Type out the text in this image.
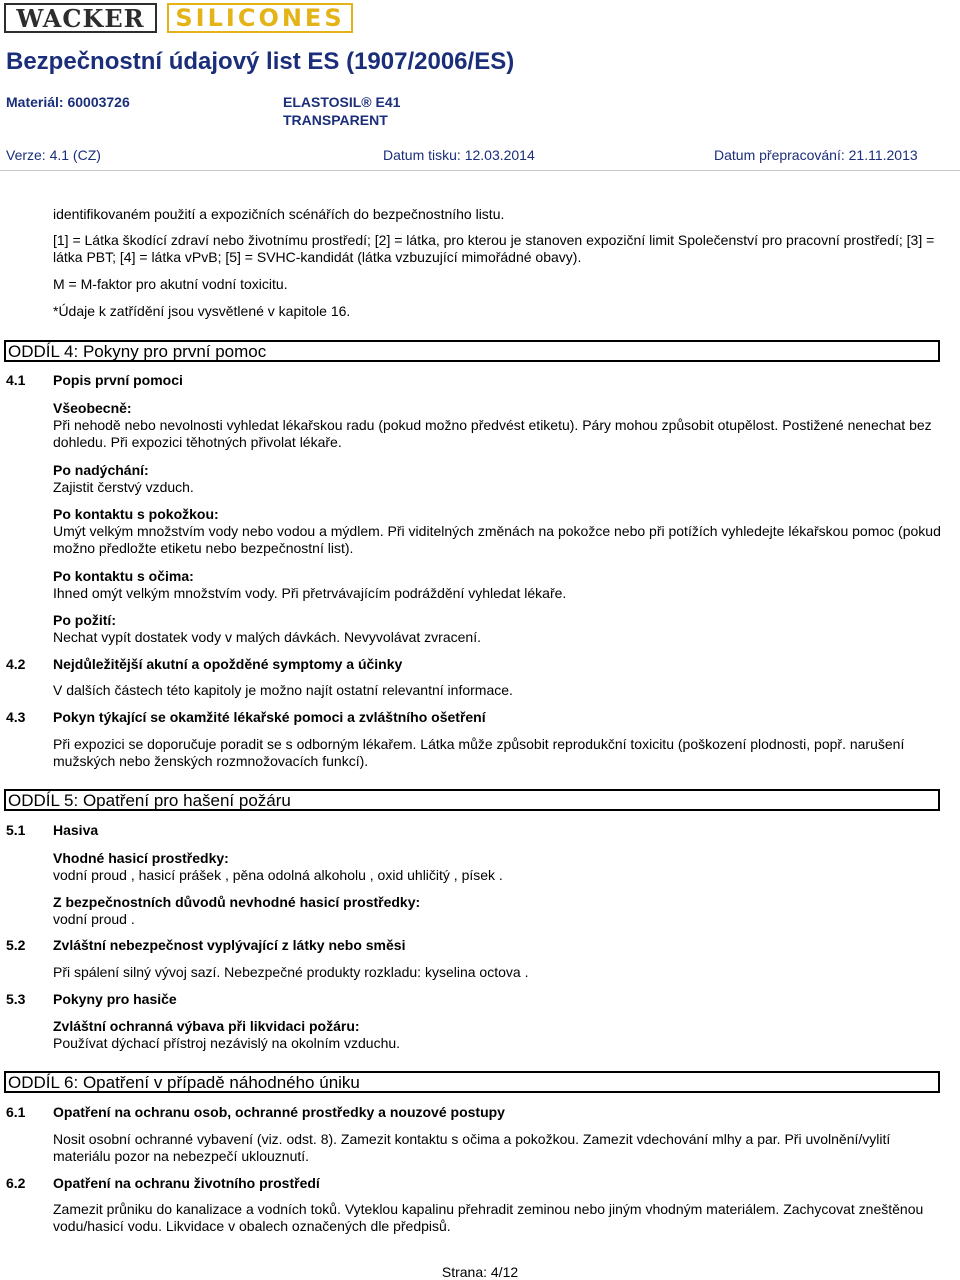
WACKER	SILICONES
Bezpečnostní údajový list ES (1907/2006/ES)
Materiál: 60003726	ELASTOSIL® E41
TRANSPARENT
Verze: 4.1 (CZ)	Datum tisku: 12.03.2014	Datum přepracování: 21.11.2013
identifikovaném použití a expozičních scénářích do bezpečnostního listu.
[1] = Látka škodící zdraví nebo životnímu prostředí; [2] = látka, pro kterou je stanoven expoziční limit Společenství pro pracovní prostředí; [3] = látka PBT; [4] = látka vPvB; [5] = SVHC-kandidát (látka vzbuzující mimořádné obavy).
M = M-faktor pro akutní vodní toxicitu.
*Údaje k zatřídění jsou vysvětlené v kapitole 16.
ODDÍL 4: Pokyny pro první pomoc
4.1 Popis první pomoci
Všeobecně:
Při nehodě nebo nevolnosti vyhledat lékařskou radu (pokud možno předvést etiketu). Páry mohou způsobit otupělost. Postižené nenechat bez dohledu. Při expozici těhotných přivolat lékaře.
Po nadýchání:
Zajistit čerstvý vzduch.
Po kontaktu s pokožkou:
Umýt velkým množstvím vody nebo vodou a mýdlem. Při viditelných změnách na pokožce nebo při potížích vyhledejte lékařskou pomoc (pokud možno předložte etiketu nebo bezpečnostní list).
Po kontaktu s očima:
Ihned omýt velkým množstvím vody. Při přetrvávajícím podráždění vyhledat lékaře.
Po požití:
Nechat vypít dostatek vody v malých dávkách. Nevyvolávat zvracení.
4.2 Nejdůležitější akutní a opožděné symptomy a účinky
V dalších částech této kapitoly je možno najít ostatní relevantní informace.
4.3 Pokyn týkající se okamžité lékařské pomoci a zvláštního ošetření
Při expozici se doporučuje poradit se s odborným lékařem. Látka může způsobit reprodukční toxicitu (poškození plodnosti, popř. narušení mužských nebo ženských rozmnožovacích funkcí).
ODDÍL 5: Opatření pro hašení požáru
5.1 Hasiva
Vhodné hasicí prostředky:
vodní proud , hasicí prášek , pěna odolná alkoholu , oxid uhličitý , písek .
Z bezpečnostních důvodů nevhodné hasicí prostředky:
vodní proud .
5.2 Zvláštní nebezpečnost vyplývající z látky nebo směsi
Při spálení silný vývoj sazí. Nebezpečné produkty rozkladu: kyselina octova .
5.3 Pokyny pro hasiče
Zvláštní ochranná výbava při likvidaci požáru:
Používat dýchací přístroj nezávislý na okolním vzduchu.
ODDÍL 6: Opatření v případě náhodného úniku
6.1 Opatření na ochranu osob, ochranné prostředky a nouzové postupy
Nosit osobní ochranné vybavení (viz. odst. 8). Zamezit kontaktu s očima a pokožkou. Zamezit vdechování mlhy a par. Při uvolnění/vylití materiálu pozor na nebezpečí uklouznutí.
6.2 Opatření na ochranu životního prostředí
Zamezit průniku do kanalizace a vodních toků. Vyteklou kapalinu přehradit zeminou nebo jiným vhodným materiálem. Zachycovat zneštěnou vodu/hasicí vodu. Likvidace v obalech označených dle předpisů.
Strana: 4/12
